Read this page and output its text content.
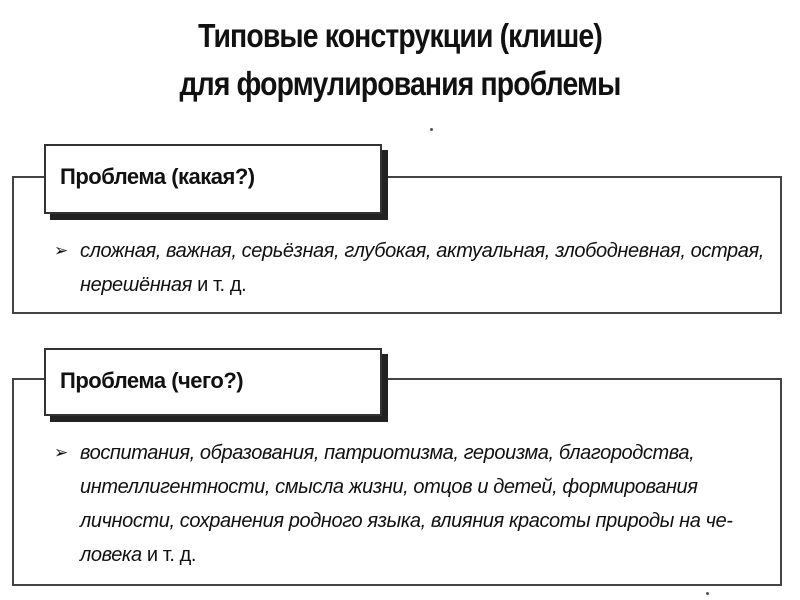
Типовые конструкции (клише)
для формулирования проблемы
Проблема (какая?)
➢ сложная, важная, серьёзная, глубокая, актуальная, злободневная, острая, нерешённая и т. д.
Проблема (чего?)
➢ воспитания, образования, патриотизма, героизма, благородства, интеллигентности, смысла жизни, отцов и детей, формирования личности, сохранения родного языка, влияния красоты природы на человека и т. д.
